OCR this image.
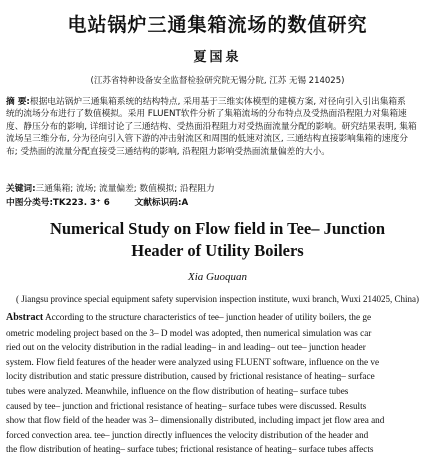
电站锅炉三通集箱流场的数值研究
夏国泉
(江苏省特种设备安全监督检验研究院无锡分院, 江苏 无锡 214025)
摘 要:根据电站锅炉三通集箱系统的结构特点, 采用基于三维实体模型的建模方案, 对径向引入引出集箱系
统的流场分布进行了数值模拟。采用 FLUENT软件分析了集箱流场的分布特点及受热面沿程阻力对集箱速
度、静压分布的影响, 详细讨论了三通结构、受热面沿程阻力对受热面流量分配的影响。研究结果表明, 集箱
流场呈三维分布, 分为径向引入管下游的冲击射流区和周围的低速对流区, 三通结构直接影响集箱的速度分
布; 受热面的流量分配直接受三通结构的影响, 沿程阻力影响受热面流量偏差的大小。
关键词:三通集箱; 流场; 流量偏差; 数值模拟; 沿程阻力
中图分类号:TK223. 3⁺ 6	文献标识码:A
Numerical Study on Flow field in Tee– Junction
Header of Utility Boilers
Xia Guoquan
( Jiangsu province special equipment safety supervision inspection institute, wuxi branch, Wuxi 214025, China)
Abstract According to the structure characteristics of tee– junction header of utility boilers, the ge
ometric modeling project based on the 3– D model was adopted, then numerical simulation was car
ried out on the velocity distribution in the radial leading– in and leading– out tee– junction header
system. Flow field features of the header were analyzed using FLUENT software, influence on the ve
locity distribution and static pressure distribution, caused by frictional resistance of heating– surface
tubes were analyzed. Meanwhile, influence on the flow distribution of heating– surface tubes
caused by tee– junction and frictional resistance of heating– surface tubes were discussed. Results
show that flow field of the header was 3– dimensionally distributed, including impact jet flow area and
forced convection area. tee– junction directly influences the velocity distribution of the header and
the flow distribution of heating– surface tubes; frictional resistance of heating– surface tubes affects
